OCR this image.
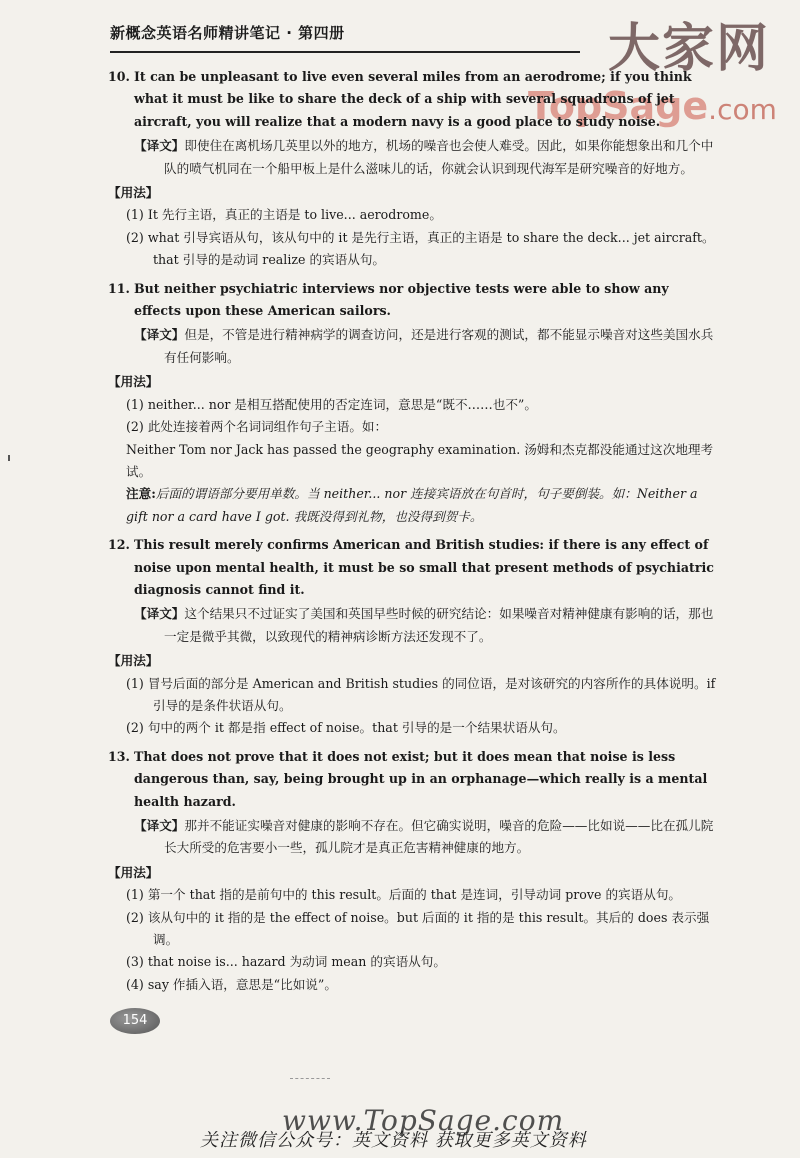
新概念英语名师精讲笔记 · 第四册	大家网
TopSage.com

10. It can be unpleasant to live even several miles from an aerodrome; if you think what it must be like to share the deck of a ship with several squadrons of jet aircraft, you will realize that a modern navy is a good place to study noise.

【译文】即使住在离机场几英里以外的地方，机场的噪音也会使人难受。因此，如果你能想象出和几个中队的喷气机同在一个船甲板上是什么滋味儿的话，你就会认识到现代海军是研究噪音的好地方。

【用法】

(1) It 先行主语，真正的主语是 to live... aerodrome。

(2) what 引导宾语从句，该从句中的 it 是先行主语，真正的主语是 to share the deck... jet aircraft。that 引导的是动词 realize 的宾语从句。

11. But neither psychiatric interviews nor objective tests were able to show any effects upon these American sailors.

【译文】但是，不管是进行精神病学的调查访问，还是进行客观的测试，都不能显示噪音对这些美国水兵有任何影响。

【用法】

(1) neither... nor 是相互搭配使用的否定连词，意思是“既不……也不”。

(2) 此处连接着两个名词词组作句子主语。如：

Neither Tom nor Jack has passed the geography examination. 汤姆和杰克都没能通过这次地理考试。

注意:后面的谓语部分要用单数。当 neither... nor 连接宾语放在句首时，句子要倒装。如：Neither a gift nor a card have I got. 我既没得到礼物，也没得到贺卡。

12. This result merely confirms American and British studies: if there is any effect of noise upon mental health, it must be so small that present methods of psychiatric diagnosis cannot find it.

【译文】这个结果只不过证实了美国和英国早些时候的研究结论：如果噪音对精神健康有影响的话，那也一定是微乎其微，以致现代的精神病诊断方法还发现不了。

【用法】

(1) 冒号后面的部分是 American and British studies 的同位语，是对该研究的内容所作的具体说明。if 引导的是条件状语从句。

(2) 句中的两个 it 都是指 effect of noise。that 引导的是一个结果状语从句。

13. That does not prove that it does not exist; but it does mean that noise is less dangerous than, say, being brought up in an orphanage—which really is a mental health hazard.

【译文】那并不能证实噪音对健康的影响不存在。但它确实说明，噪音的危险——比如说——比在孤儿院长大所受的危害要小一些，孤儿院才是真正危害精神健康的地方。

【用法】

(1) 第一个 that 指的是前句中的 this result。后面的 that 是连词，引导动词 prove 的宾语从句。

(2) 该从句中的 it 指的是 the effect of noise。but 后面的 it 指的是 this result。其后的 does 表示强调。

(3) that noise is... hazard 为动词 mean 的宾语从句。

(4) say 作插入语，意思是“比如说”。

154
www.TopSage.com
关注微信公众号：英文资料 获取更多英文资料
